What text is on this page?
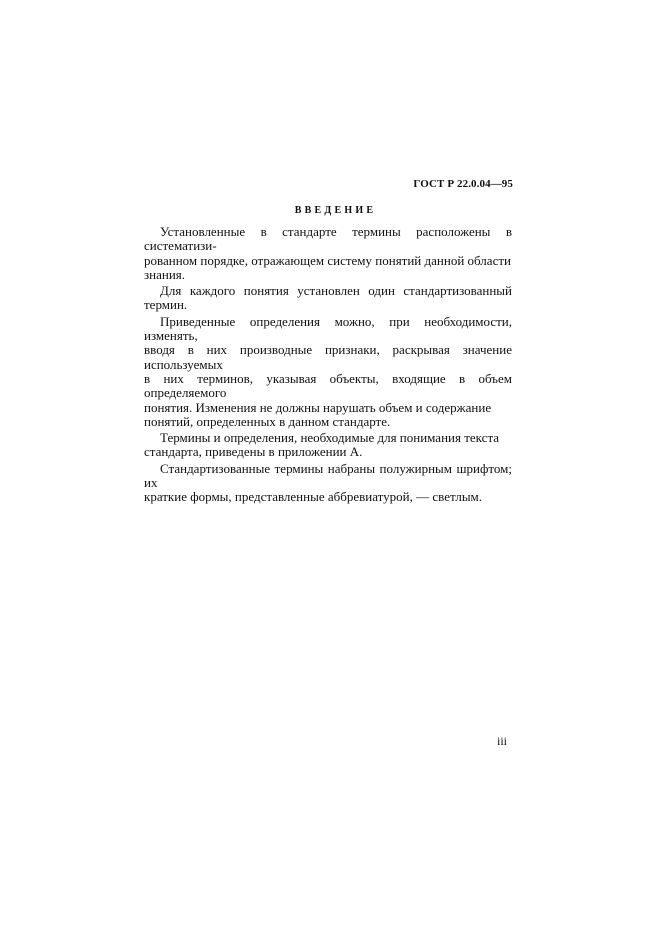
ГОСТ Р 22.0.04—95
ВВЕДЕНИЕ

Установленные в стандарте термины расположены в систематизи-
рованном порядке, отражающем систему понятий данной области
знания.

Для каждого понятия установлен один стандартизованный термин.

Приведенные определения можно, при необходимости, изменять,
вводя в них производные признаки, раскрывая значение используемых
в них терминов, указывая объекты, входящие в объем определяемого
понятия. Изменения не должны нарушать объем и содержание
понятий, определенных в данном стандарте.

Термины и определения, необходимые для понимания текста
стандарта, приведены в приложении А.

Стандартизованные термины набраны полужирным шрифтом; их
краткие формы, представленные аббревиатурой, — светлым.

iii
